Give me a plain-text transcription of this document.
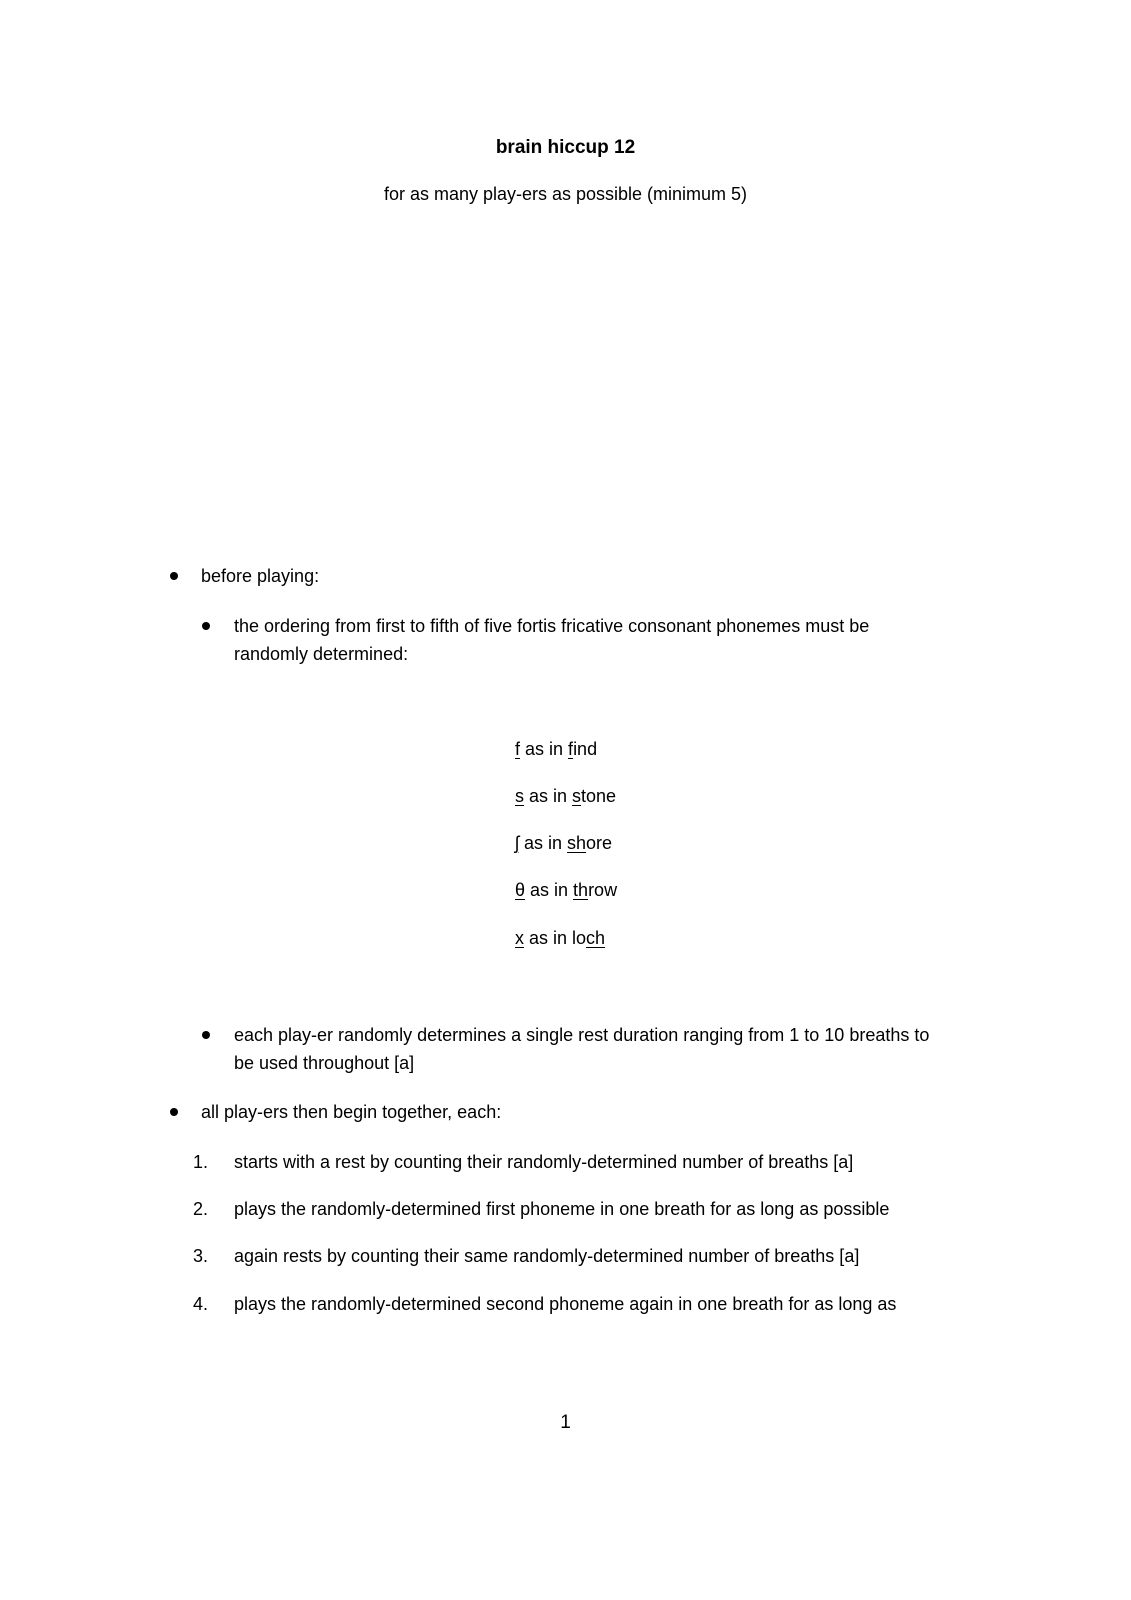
brain hiccup 12
for as many play-ers as possible (minimum 5)
before playing:
the ordering from first to fifth of five fortis fricative consonant phonemes must be
randomly determined:
f as in find
s as in stone
ʃ as in shore
θ as in throw
x as in loch
each play-er randomly determines a single rest duration ranging from 1 to 10 breaths to
be used throughout [a]
all play-ers then begin together, each:
1. starts with a rest by counting their randomly-determined number of breaths [a]
2. plays the randomly-determined first phoneme in one breath for as long as possible
3. again rests by counting their same randomly-determined number of breaths [a]
4. plays the randomly-determined second phoneme again in one breath for as long as
1
